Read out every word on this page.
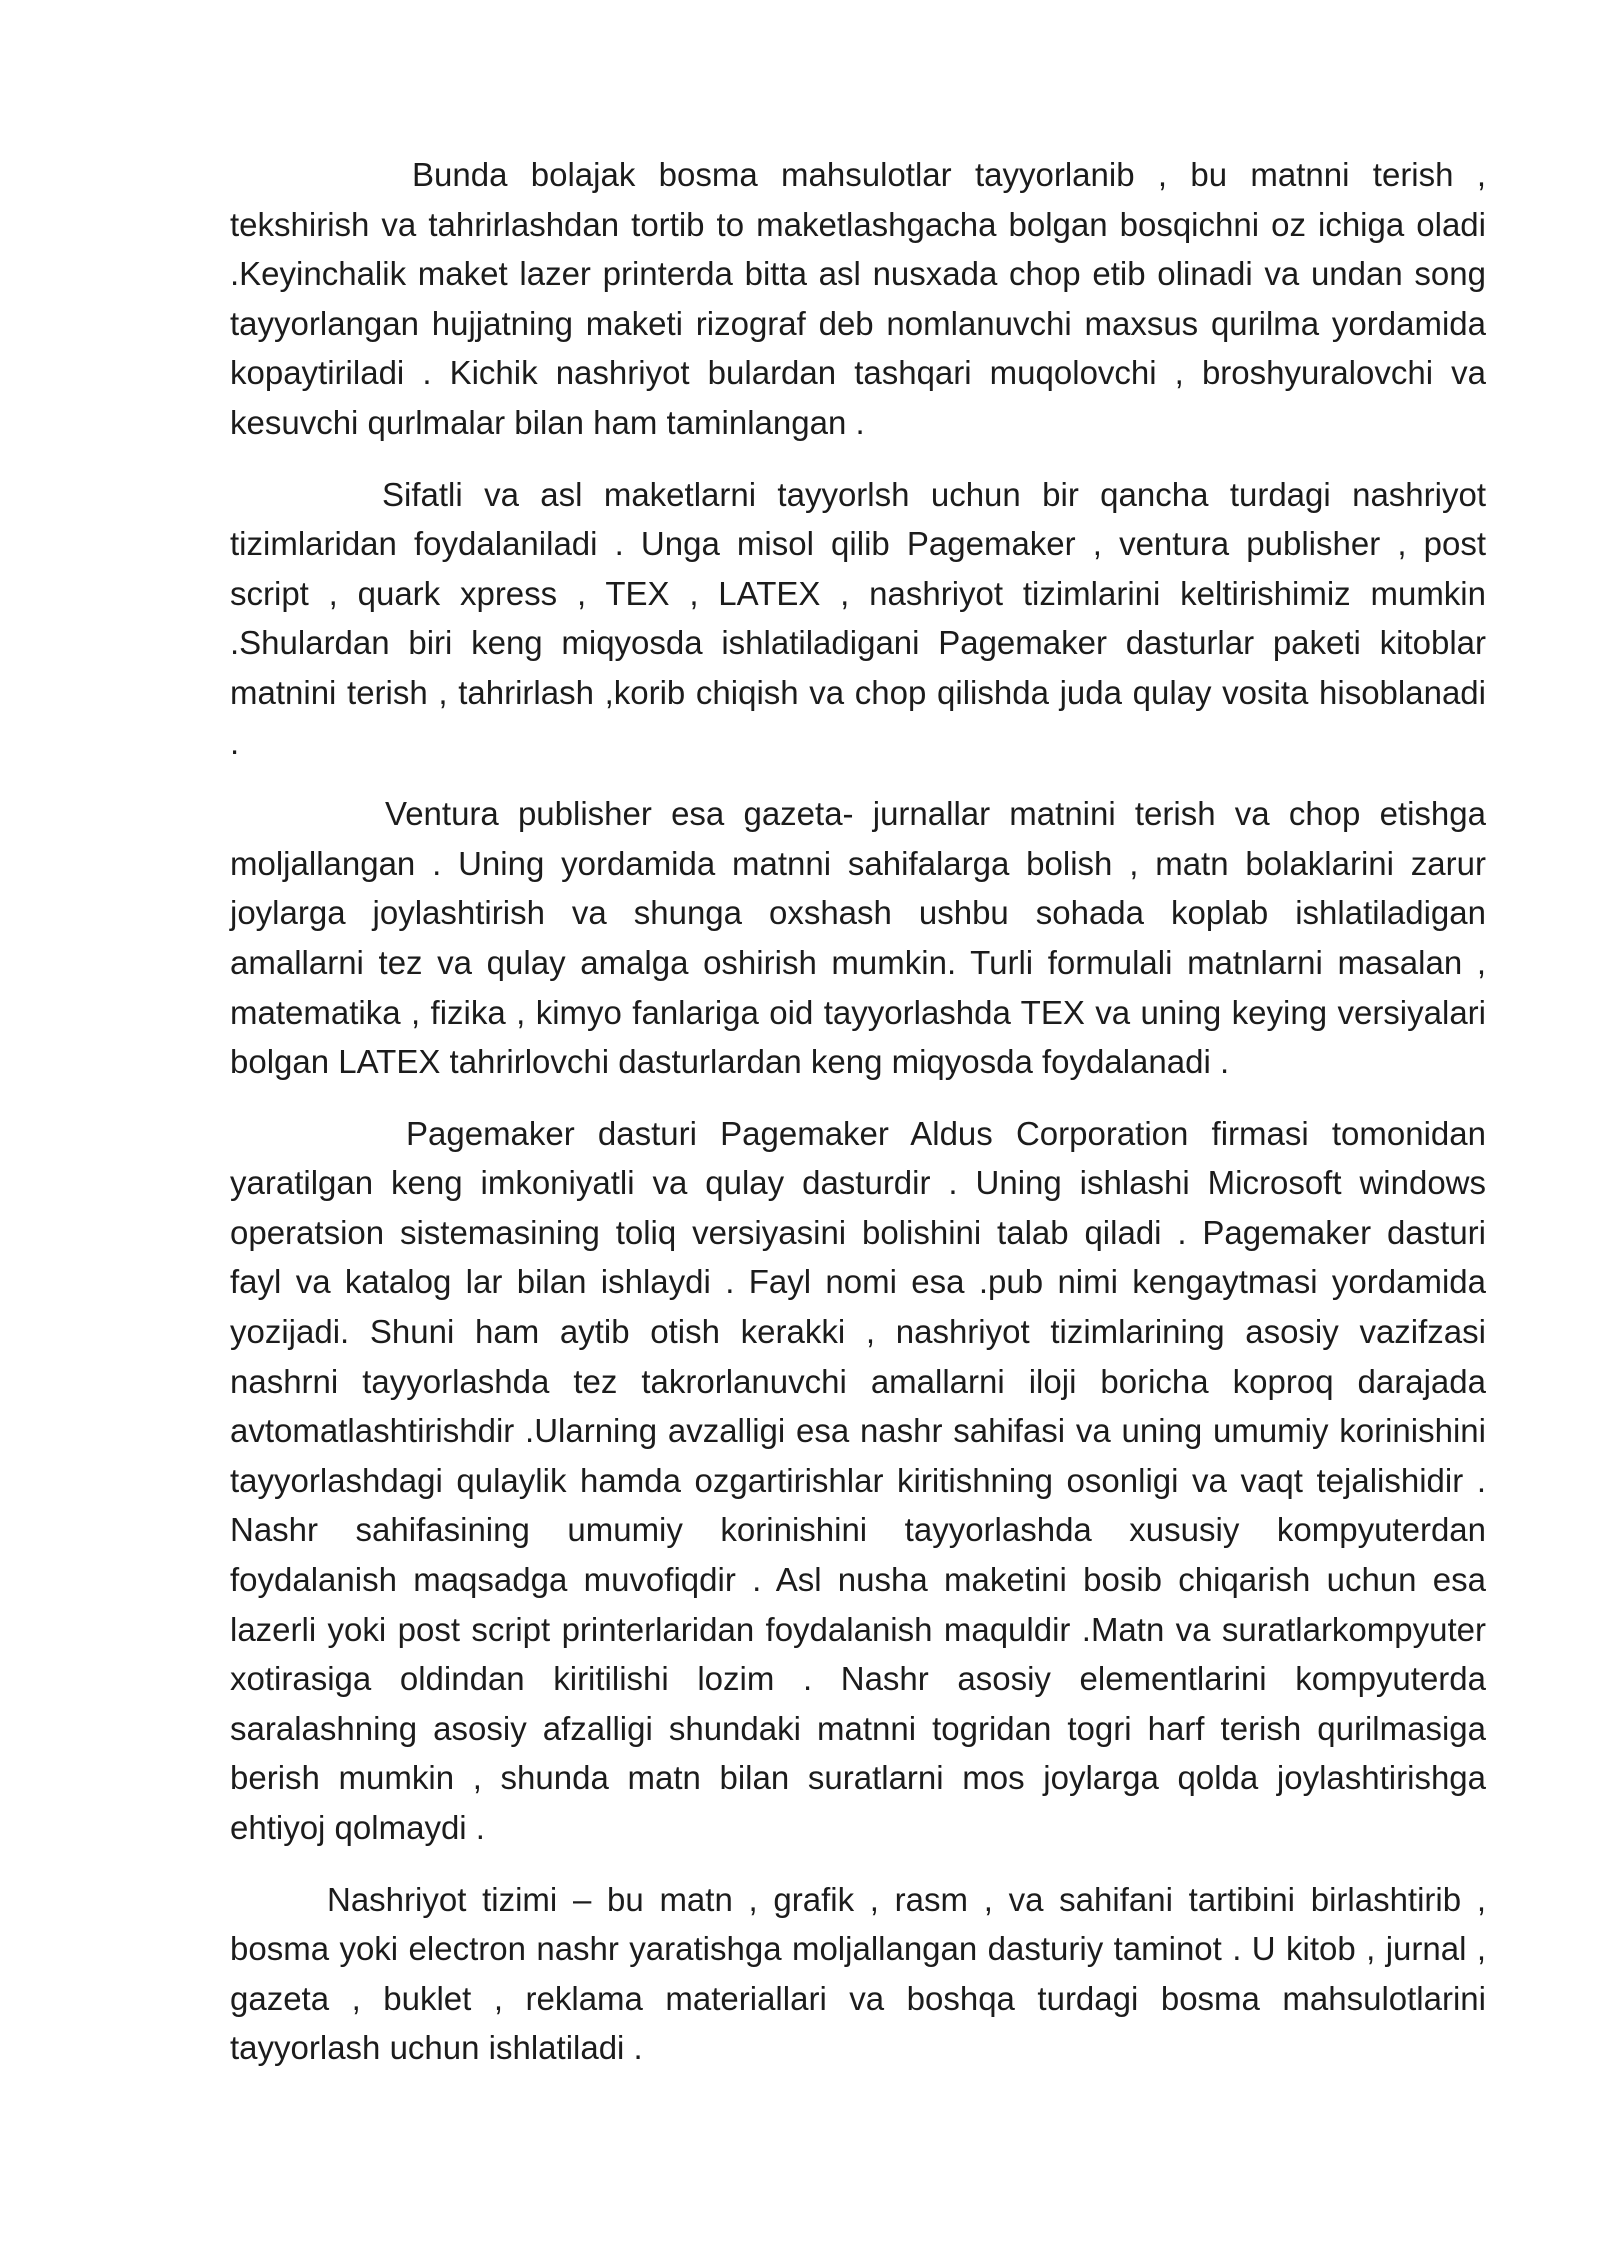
Bunda bolajak bosma mahsulotlar tayyorlanib , bu matnni terish , tekshirish va tahrirlashdan tortib to maketlashgacha bolgan bosqichni oz ichiga oladi .Keyinchalik maket lazer printerda bitta asl nusxada chop etib olinadi va undan song tayyorlangan hujjatning maketi rizograf deb nomlanuvchi maxsus qurilma yordamida kopaytiriladi . Kichik nashriyot bulardan tashqari muqolovchi , broshyuralovchi va kesuvchi qurlmalar bilan ham taminlangan .

Sifatli va asl maketlarni tayyorlsh uchun bir qancha turdagi nashriyot tizimlaridan foydalaniladi . Unga misol qilib Pagemaker , ventura publisher , post script , quark xpress , TEX , LATEX , nashriyot tizimlarini keltirishimiz mumkin .Shulardan biri keng miqyosda ishlatiladigani Pagemaker dasturlar paketi kitoblar matnini terish , tahrirlash ,korib chiqish va chop qilishda juda qulay vosita hisoblanadi .

Ventura publisher esa gazeta- jurnallar matnini terish va chop etishga moljallangan . Uning yordamida matnni sahifalarga bolish , matn bolaklarini zarur joylarga joylashtirish va shunga oxshash ushbu sohada koplab ishlatiladigan amallarni tez va qulay amalga oshirish mumkin. Turli formulali matnlarni masalan , matematika , fizika , kimyo fanlariga oid tayyorlashda TEX va uning keying versiyalari bolgan LATEX tahrirlovchi dasturlardan keng miqyosda foydalanadi .

Pagemaker dasturi Pagemaker Aldus Corporation firmasi tomonidan yaratilgan keng imkoniyatli va qulay dasturdir . Uning ishlashi Microsoft windows operatsion sistemasining toliq versiyasini bolishini talab qiladi . Pagemaker dasturi fayl va katalog lar bilan ishlaydi . Fayl nomi esa .pub nimi kengaytmasi yordamida yozijadi. Shuni ham aytib otish kerakki , nashriyot tizimlarining asosiy vazifzasi nashrni tayyorlashda tez takrorlanuvchi amallarni iloji boricha koproq darajada avtomatlashtirishdir .Ularning avzalligi esa nashr sahifasi va uning umumiy korinishini tayyorlashdagi qulaylik hamda ozgartirishlar kiritishning osonligi va vaqt tejalishidir . Nashr sahifasining umumiy korinishini tayyorlashda xususiy kompyuterdan foydalanish maqsadga muvofiqdir . Asl nusha maketini bosib chiqarish uchun esa lazerli yoki post script printerlaridan foydalanish maquldir .Matn va suratlarkompyuter xotirasiga oldindan kiritilishi lozim . Nashr asosiy elementlarini kompyuterda saralashning asosiy afzalligi shundaki matnni togridan togri harf terish qurilmasiga berish mumkin , shunda matn bilan suratlarni mos joylarga qolda joylashtirishga ehtiyoj qolmaydi .

Nashriyot tizimi – bu matn , grafik , rasm , va sahifani tartibini birlashtirib , bosma yoki electron nashr yaratishga moljallangan dasturiy taminot . U kitob , jurnal , gazeta , buklet , reklama materiallari va boshqa turdagi bosma mahsulotlarini tayyorlash uchun ishlatiladi .
